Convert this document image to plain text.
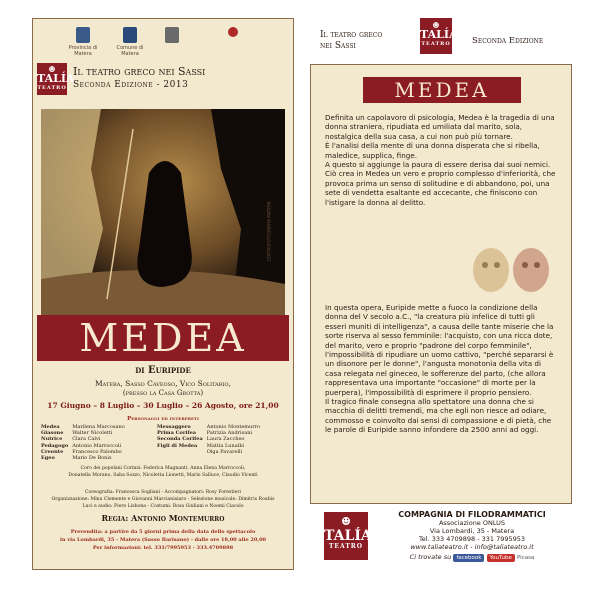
Provincia di Matera
Comune di Matera
☻
TALÍA
TEATRO
Il teatro greco nei Sassi
Seconda Edizione - 2013
CENTROFOTOGRAFIA MATERA
MEDEA
di Euripide
Matera, Sasso Caveoso, Vico Solitario,
(presso la Casa Grotta)
17 Giugno – 8 Luglio – 30 Luglio – 26 Agosto, ore 21,00
Personaggi ed interpreti
Medea	Marilena Marcosano
Giasone	Walter Nicoletti
Nutrice	Clara Calvi
Pedagogo	Antonio Marroccoli
Creonte	Francesco Palombo
Egeo	Mario De Bonis
Messaggero	Antonio Montemurro
Prima Corifea	Patrizia Andrisani
Seconda Corifea	Laura Zaccheo
Figli di Medea	Mattia Lunalbi
	Olga Pavarelli
Coro dei popolani Corinzi: Federica Magnanti, Anna Elena Marroccoli,
Donatella Morano, Saba Sozzo, Nicoletta Lionetti, Mario Salluce, Claudio Vicenti
Coreografia: Francesca Sogliani - Accompagnatori: Rosy Forestieri
Organizzazione: Mina Clemente e Giovanni Marcianisiaro - Selezione musicale: Dimitris Roubis
Luci e audio: Piero Lisbona - Costumi: Rosa Giuliani e Noemi Ciacolo
Regia: Antonio Montemurro
Prevendita: a partire da 5 giorni prima della data dello spettacolo
in via Lombardi, 35 - Matera (Sasso Barisano) - dalle ore 18,00 alle 20,00
Per informazioni: tel. 331/7995953 - 333.4709898
Il teatro greco
nei Sassi
☻
TALÍA
TEATRO	Seconda Edizione
MEDEA

Definita un capolavoro di psicologia, Medea è la tragedia di una donna straniera, ripudiata ed umiliata dal marito, sola, nostalgica della sua casa, a cui non può più tornare.

È l'analisi della mente di una donna disperata che si ribella, maledice, supplica, finge.

A questo si aggiunge la paura di essere derisa dai suoi nemici. Ciò crea in Medea un vero e proprio complesso d'inferiorità, che provoca prima un senso di solitudine e di abbandono, poi, una sete di vendetta esaltante ed accecante, che finiscono con l'istigare la donna al delitto.

In questa opera, Euripide mette a fuoco la condizione della donna del V secolo a.C., "la creatura più infelice di tutti gli esseri muniti di intelligenza", a causa delle tante miserie che la sorte riserva al sesso femminile: l'acquisto, con una ricca dote, del marito, vero e proprio "padrone del corpo femminile", l'impossibilità di ripudiare un uomo cattivo, "perché separarsi è un disonore per le donne", l'angusta monotonia della vita di casa relegata nel gineceo, le sofferenze del parto, (che allora rappresentava una importante "occasione" di morte per la puerpera), l'impossibilità di esprimere il proprio pensiero.

Il tragico finale consegna allo spettatore una donna che si macchia di delitti tremendi, ma che egli non riesce ad odiare, commosso e coinvolto dai sensi di compassione e di pietà, che le parole di Euripide sanno infondere da 2500 anni ad oggi.

☻
TALÍA
TEATRO
COMPAGNIA DI FILODRAMMATICI
Associazione ONLUS
Via Lombardi, 35 - Matera
Tel. 333 4709898 - 331 7995953
www.taliateatro.it - info@taliateatro.it
Ci trovate su facebook YouTube Picasa
